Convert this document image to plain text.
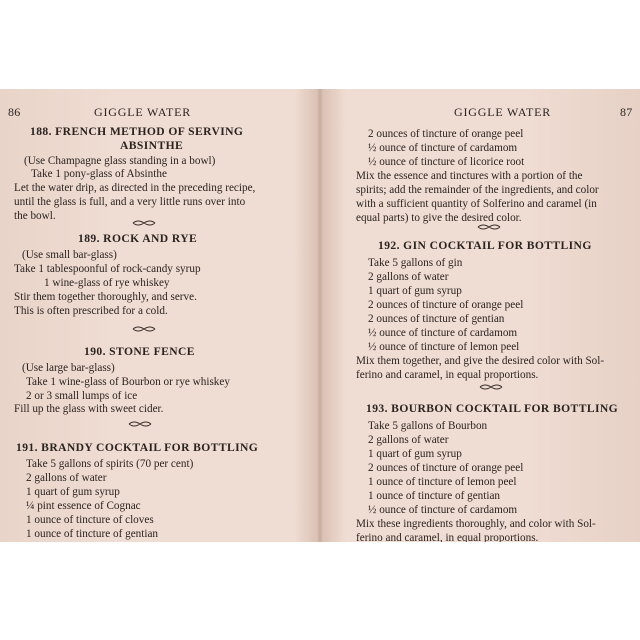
86	GIGGLE WATER
188. FRENCH METHOD OF SERVING
ABSINTHE
(Use Champagne glass standing in a bowl)
Take 1 pony-glass of Absinthe
Let the water drip, as directed in the preceding recipe,
until the glass is full, and a very little runs over into
the bowl.
189. ROCK AND RYE
(Use small bar-glass)
Take 1 tablespoonful of rock-candy syrup
1 wine-glass of rye whiskey
Stir them together thoroughly, and serve.
This is often prescribed for a cold.
190. STONE FENCE
(Use large bar-glass)
Take 1 wine-glass of Bourbon or rye whiskey
2 or 3 small lumps of ice
Fill up the glass with sweet cider.
191. BRANDY COCKTAIL FOR BOTTLING
Take 5 gallons of spirits (70 per cent)
2 gallons of water
1 quart of gum syrup
¼ pint essence of Cognac
1 ounce of tincture of cloves
1 ounce of tincture of gentian
GIGGLE WATER	87
2 ounces of tincture of orange peel
½ ounce of tincture of cardamom
½ ounce of tincture of licorice root
Mix the essence and tinctures with a portion of the
spirits; add the remainder of the ingredients, and color
with a sufficient quantity of Solferino and caramel (in
equal parts) to give the desired color.
192. GIN COCKTAIL FOR BOTTLING
Take 5 gallons of gin
2 gallons of water
1 quart of gum syrup
2 ounces of tincture of orange peel
2 ounces of tincture of gentian
½ ounce of tincture of cardamom
½ ounce of tincture of lemon peel
Mix them together, and give the desired color with Sol-
ferino and caramel, in equal proportions.
193. BOURBON COCKTAIL FOR BOTTLING
Take 5 gallons of Bourbon
2 gallons of water
1 quart of gum syrup
2 ounces of tincture of orange peel
1 ounce of tincture of lemon peel
1 ounce of tincture of gentian
½ ounce of tincture of cardamom
Mix these ingredients thoroughly, and color with Sol-
ferino and caramel, in equal proportions.
